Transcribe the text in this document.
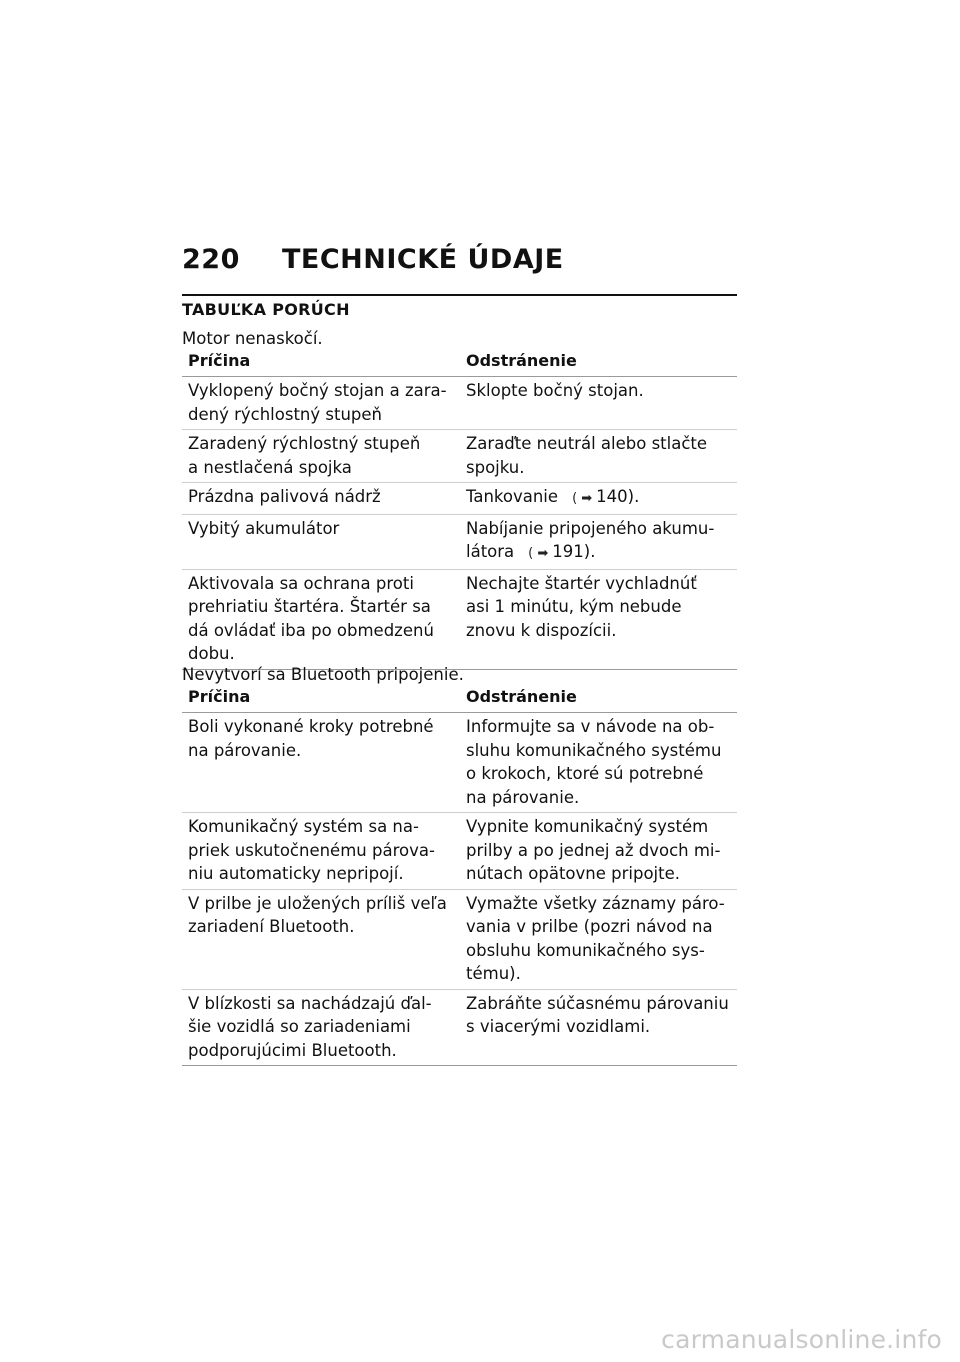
220	TECHNICKÉ ÚDAJE
TABUĽKA PORÚCH
Motor nenaskočí.
Príčina	Odstránenie
Vyklopený bočný stojan a zara-
dený rýchlostný stupeň	Sklopte bočný stojan.
Zaradený rýchlostný stupeň
a nestlačená spojka	Zaraďte neutrál alebo stlačte
spojku.
Prázdna palivová nádrž	Tankovanie ( ➡ 140).
Vybitý akumulátor	Nabíjanie pripojeného akumu-
látora ( ➡ 191).
Aktivovala sa ochrana proti
prehriatiu štartéra. Štartér sa
dá ovládať iba po obmedzenú
dobu.	Nechajte štartér vychladnúť
asi 1 minútu, kým nebude
znovu k dispozícii.
Nevytvorí sa Bluetooth pripojenie.
Príčina	Odstránenie
Boli vykonané kroky potrebné
na párovanie.	Informujte sa v návode na ob-
sluhu komunikačného systému
o krokoch, ktoré sú potrebné
na párovanie.
Komunikačný systém sa na-
priek uskutočnenému párova-
niu automaticky nepripojí.	Vypnite komunikačný systém
prilby a po jednej až dvoch mi-
nútach opätovne pripojte.
V prilbe je uložených príliš veľa
zariadení Bluetooth.	Vymažte všetky záznamy páro-
vania v prilbe (pozri návod na
obsluhu komunikačného sys-
tému).
V blízkosti sa nachádzajú ďal-
šie vozidlá so zariadeniami
podporujúcimi Bluetooth.	Zabráňte súčasnému párovaniu
s viacerými vozidlami.
carmanualsonline.info
